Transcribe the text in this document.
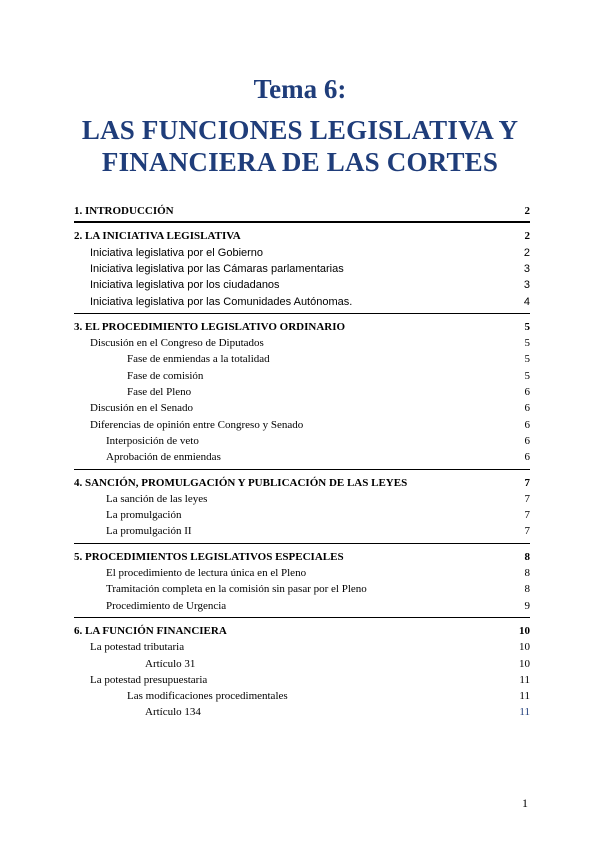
Tema 6:
LAS FUNCIONES LEGISLATIVA Y
FINANCIERA DE LAS CORTES
1. INTRODUCCIÓN	2
2. LA INICIATIVA LEGISLATIVA	2
Iniciativa legislativa por el Gobierno	2
Iniciativa legislativa por las Cámaras parlamentarias	3
Iniciativa legislativa por los ciudadanos	3
Iniciativa legislativa por las Comunidades Autónomas.	4
3. EL PROCEDIMIENTO LEGISLATIVO ORDINARIO	5
Discusión en el Congreso de Diputados	5
Fase de enmiendas a la totalidad	5
Fase de comisión	5
Fase del Pleno	6
Discusión en el Senado	6
Diferencias de opinión entre Congreso y Senado	6
Interposición de veto	6
Aprobación de enmiendas	6
4. SANCIÓN, PROMULGACIÓN Y PUBLICACIÓN DE LAS LEYES	7
La sanción de las leyes	7
La promulgación	7
La promulgación II	7
5. PROCEDIMIENTOS LEGISLATIVOS ESPECIALES	8
El procedimiento de lectura única en el Pleno	8
Tramitación completa en la comisión sin pasar por el Pleno	8
Procedimiento de Urgencia	9
6. LA FUNCIÓN FINANCIERA	10
La potestad tributaria	10
Artículo 31	10
La potestad presupuestaria	11
Las modificaciones procedimentales	11
Artículo 134	11
1
